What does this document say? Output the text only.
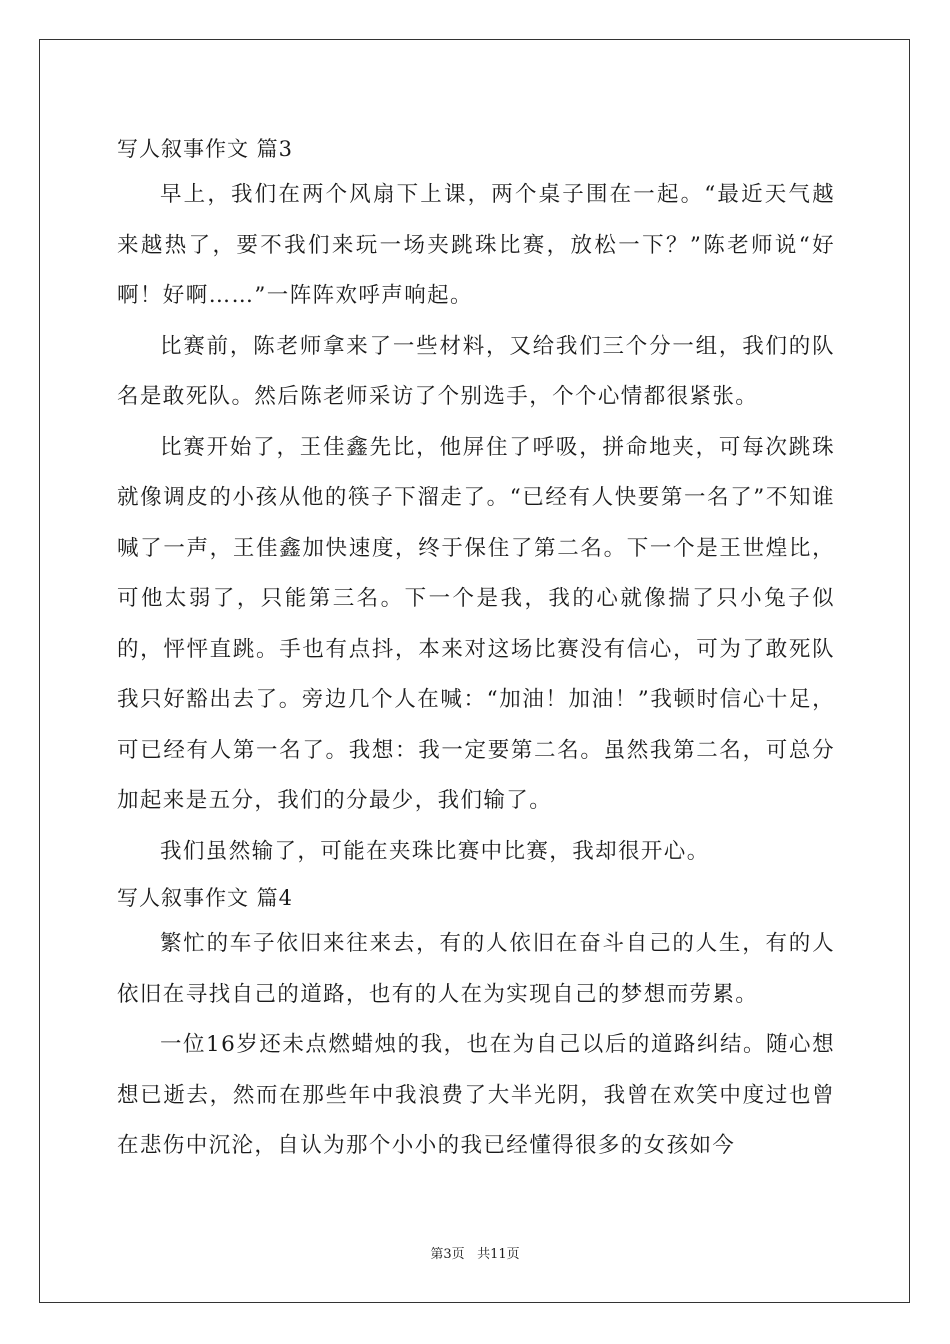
写人叙事作文 篇3

早上，我们在两个风扇下上课，两个桌子围在一起。“最近天气越来越热了，要不我们来玩一场夹跳珠比赛，放松一下？”陈老师说“好啊！好啊……”一阵阵欢呼声响起。

比赛前，陈老师拿来了一些材料，又给我们三个分一组，我们的队名是敢死队。然后陈老师采访了个别选手，个个心情都很紧张。

比赛开始了，王佳鑫先比，他屏住了呼吸，拼命地夹，可每次跳珠就像调皮的小孩从他的筷子下溜走了。“已经有人快要第一名了”不知谁喊了一声，王佳鑫加快速度，终于保住了第二名。下一个是王世煌比，可他太弱了，只能第三名。下一个是我，我的心就像揣了只小兔子似的，怦怦直跳。手也有点抖，本来对这场比赛没有信心，可为了敢死队我只好豁出去了。旁边几个人在喊：“加油！加油！”我顿时信心十足，可已经有人第一名了。我想：我一定要第二名。虽然我第二名，可总分加起来是五分，我们的分最少，我们输了。

我们虽然输了，可能在夹珠比赛中比赛，我却很开心。

写人叙事作文 篇4

繁忙的车子依旧来往来去，有的人依旧在奋斗自己的人生，有的人依旧在寻找自己的道路，也有的人在为实现自己的梦想而劳累。

一位16岁还未点燃蜡烛的我，也在为自己以后的道路纠结。随心想想已逝去，然而在那些年中我浪费了大半光阴，我曾在欢笑中度过也曾在悲伤中沉沦，自认为那个小小的我已经懂得很多的女孩如今

第3页 共11页
